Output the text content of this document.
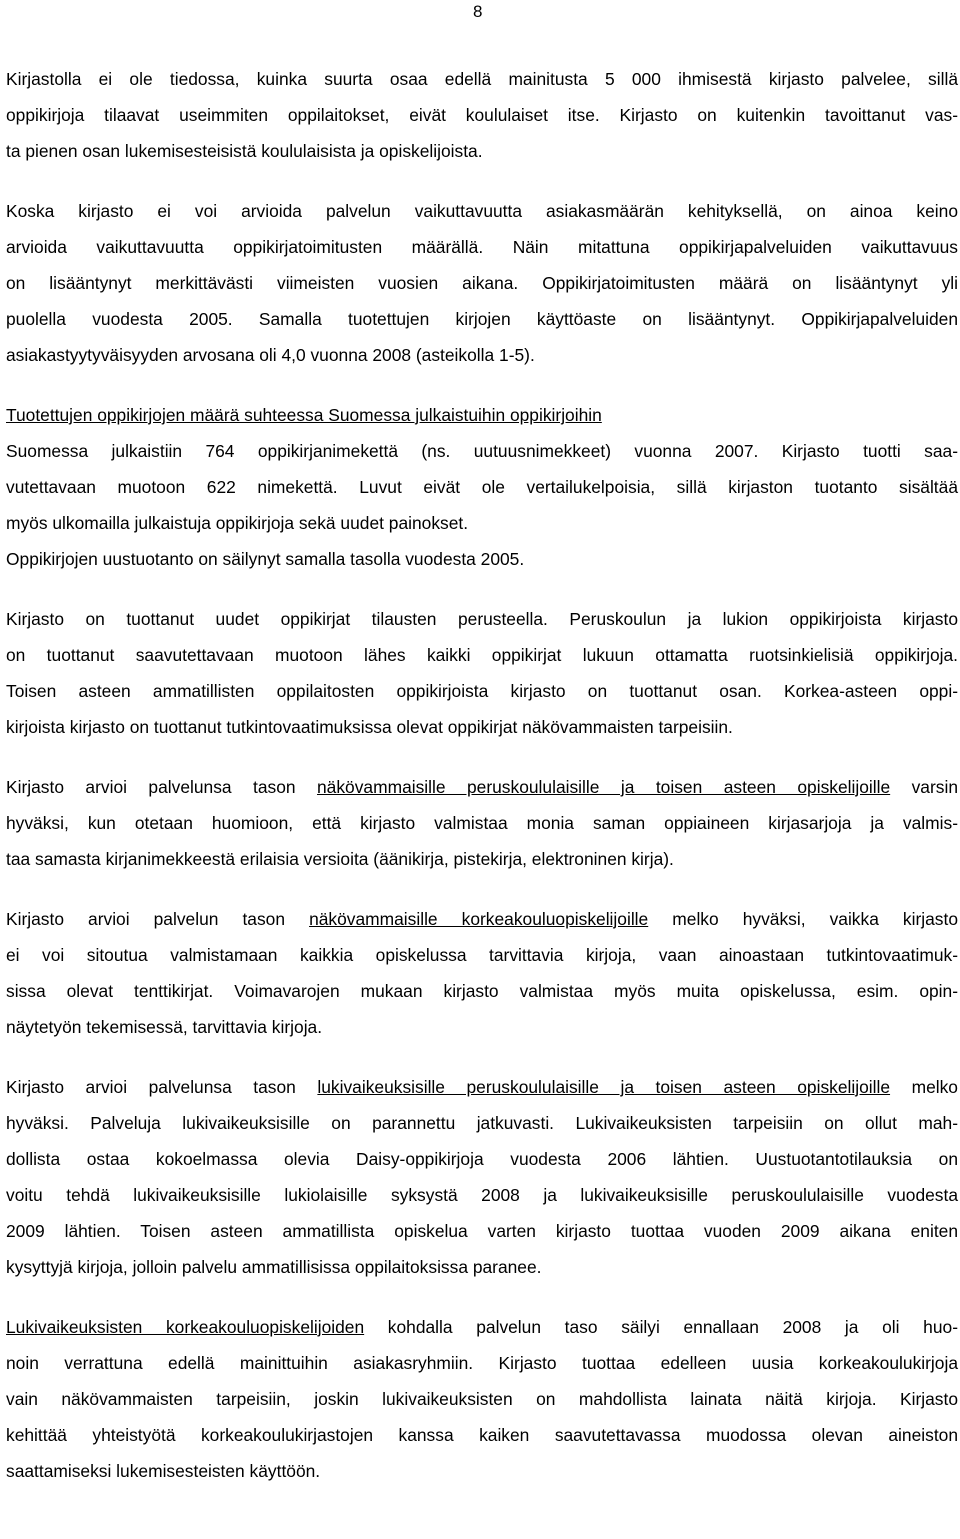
8

Kirjastolla ei ole tiedossa, kuinka suurta osaa edellä mainitusta 5 000 ihmisestä kirjasto palvelee, sillä
oppikirjoja tilaavat useimmiten oppilaitokset, eivät koululaiset itse. Kirjasto on kuitenkin tavoittanut vas-
ta pienen osan lukemisesteisistä koululaisista ja opiskelijoista.

Koska kirjasto ei voi arvioida palvelun vaikuttavuutta asiakasmäärän kehityksellä, on ainoa keino
arvioida vaikuttavuutta oppikirjatoimitusten määrällä. Näin mitattuna oppikirjapalveluiden vaikuttavuus
on lisääntynyt merkittävästi viimeisten vuosien aikana. Oppikirjatoimitusten määrä on lisääntynyt yli
puolella vuodesta 2005. Samalla tuotettujen kirjojen käyttöaste on lisääntynyt. Oppikirjapalveluiden
asiakastyytyväisyyden arvosana oli 4,0 vuonna 2008 (asteikolla 1-5).

Tuotettujen oppikirjojen määrä suhteessa Suomessa julkaistuihin oppikirjoihin
Suomessa julkaistiin 764 oppikirjanimekettä (ns. uutuusnimekkeet) vuonna 2007. Kirjasto tuotti saa-
vutettavaan muotoon 622 nimekettä. Luvut eivät ole vertailukelpoisia, sillä kirjaston tuotanto sisältää
myös ulkomailla julkaistuja oppikirjoja sekä uudet painokset.

Oppikirjojen uustuotanto on säilynyt samalla tasolla vuodesta 2005.

Kirjasto on tuottanut uudet oppikirjat tilausten perusteella. Peruskoulun ja lukion oppikirjoista kirjasto
on tuottanut saavutettavaan muotoon lähes kaikki oppikirjat lukuun ottamatta ruotsinkielisiä oppikirjoja.
Toisen asteen ammatillisten oppilaitosten oppikirjoista kirjasto on tuottanut osan. Korkea-asteen oppi-
kirjoista kirjasto on tuottanut tutkintovaatimuksissa olevat oppikirjat näkövammaisten tarpeisiin.

Kirjasto arvioi palvelunsa tason näkövammaisille peruskoululaisille ja toisen asteen opiskelijoille varsin
hyväksi, kun otetaan huomioon, että kirjasto valmistaa monia saman oppiaineen kirjasarjoja ja valmis-
taa samasta kirjanimekkeestä erilaisia versioita (äänikirja, pistekirja, elektroninen kirja).

Kirjasto arvioi palvelun tason näkövammaisille korkeakouluopiskelijoille melko hyväksi, vaikka kirjasto
ei voi sitoutua valmistamaan kaikkia opiskelussa tarvittavia kirjoja, vaan ainoastaan tutkintovaatimuk-
sissa olevat tenttikirjat. Voimavarojen mukaan kirjasto valmistaa myös muita opiskelussa, esim. opin-
näytetyön tekemisessä, tarvittavia kirjoja.

Kirjasto arvioi palvelunsa tason lukivaikeuksisille peruskoululaisille ja toisen asteen opiskelijoille melko
hyväksi. Palveluja lukivaikeuksisille on parannettu jatkuvasti. Lukivaikeuksisten tarpeisiin on ollut mah-
dollista ostaa kokoelmassa olevia Daisy-oppikirjoja vuodesta 2006 lähtien. Uustuotantotilauksia on
voitu tehdä lukivaikeuksisille lukiolaisille syksystä 2008 ja lukivaikeuksisille peruskoululaisille vuodesta
2009 lähtien. Toisen asteen ammatillista opiskelua varten kirjasto tuottaa vuoden 2009 aikana eniten
kysyttyjä kirjoja, jolloin palvelu ammatillisissa oppilaitoksissa paranee.

Lukivaikeuksisten korkeakouluopiskelijoiden kohdalla palvelun taso säilyi ennallaan 2008 ja oli huo-
noin verrattuna edellä mainittuihin asiakasryhmiin. Kirjasto tuottaa edelleen uusia korkeakoulukirjoja
vain näkövammaisten tarpeisiin, joskin lukivaikeuksisten on mahdollista lainata näitä kirjoja. Kirjasto
kehittää yhteistyötä korkeakoulukirjastojen kanssa kaiken saavutettavassa muodossa olevan aineiston
saattamiseksi lukemisesteisten käyttöön.
